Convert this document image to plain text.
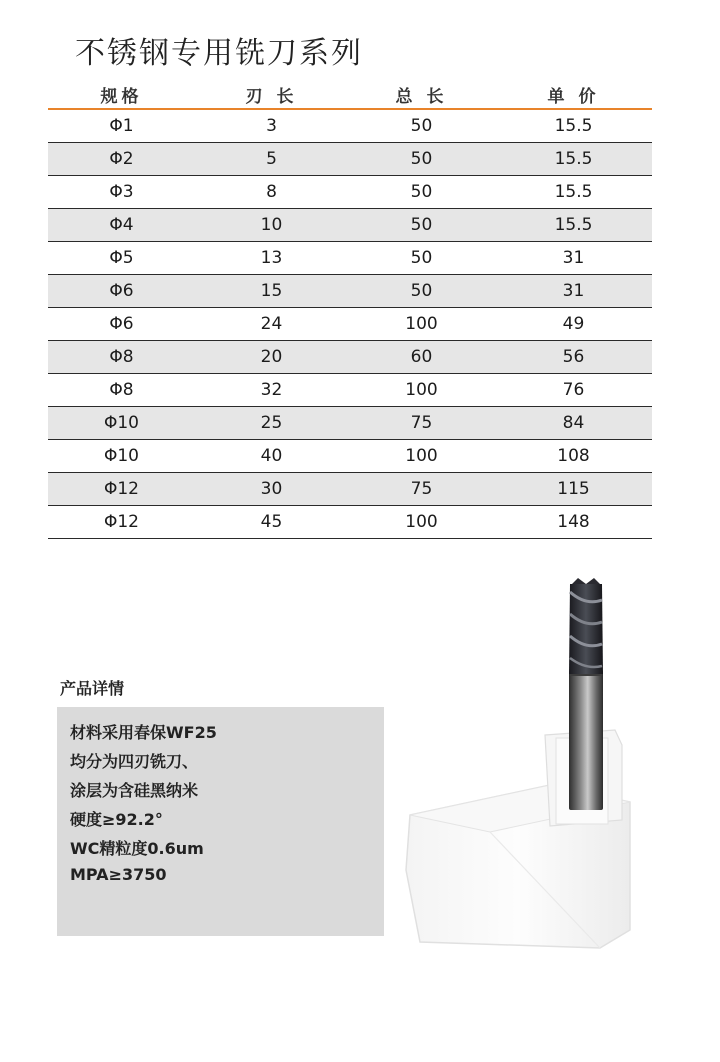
不锈钢专用铣刀系列
规格	刃 长	总 长	单 价
Φ1	3	50	15.5
Φ2	5	50	15.5
Φ3	8	50	15.5
Φ4	10	50	15.5
Φ5	13	50	31
Φ6	15	50	31
Φ6	24	100	49
Φ8	20	60	56
Φ8	32	100	76
Φ10	25	75	84
Φ10	40	100	108
Φ12	30	75	115
Φ12	45	100	148
产品详情
材料采用春保WF25
均分为四刃铣刀、
涂层为含硅黑纳米
硬度≥92.2°
WC精粒度0.6um
MPA≥3750
